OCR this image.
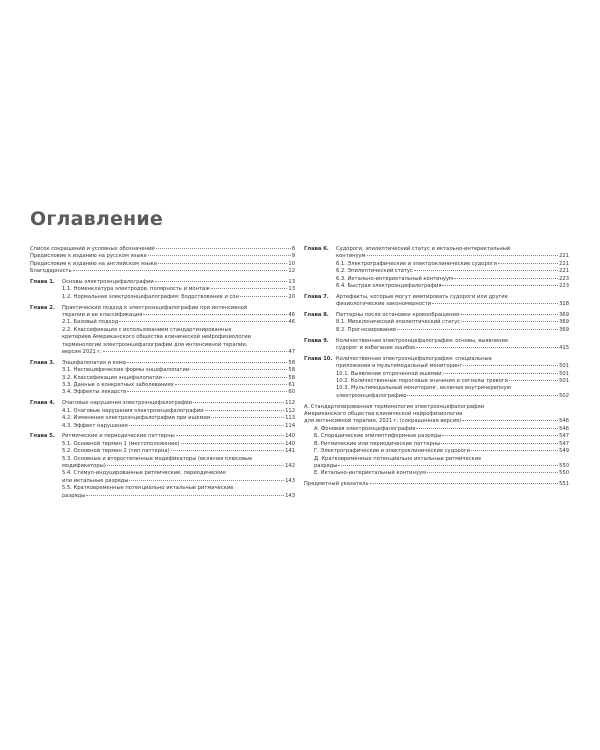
Оглавление
Список сокращений и условных обозначений	8
Предисловие к изданию на русском языке	9
Предисловие к изданию на английском языке	10
Благодарность	12
Глава 1. Основы электроэнцефалографии	13
1.1. Номенклатура электродов, полярность и монтаж	13
1.2. Нормальная электроэнцефалография: бодрствование и сон	20
Глава 2. Практический подход к электроэнцефалографии при интенсивной
терапии и ее классификация	46
2.1. Базовый подход	46
2.2. Классификация с использованием стандартизированных
критериев Американского общества клинической нейрофизиологии
терминологии электроэнцефалографии для интенсивной терапии,
версия 2021 г.	47
Глава 3. Энцефалопатия и кома	58
3.1. Неспецифические формы энцефалопатии	58
3.2. Классификация энцефалопатии	58
3.3. Данные о конкретных заболеваниях	61
3.4. Эффекты лекарств	60
Глава 4. Очаговые нарушения электроэнцефалографии	112
4.1. Очаговые нарушения электроэнцефалографии	112
4.2. Изменения электроэнцефалографии при ишемии	113
4.3. Эффект нарушения	114
Глава 5. Ритмические и периодические паттерны	140
5.1. Основной термин 1 (местоположение)	140
5.2. Основной термин 2 (тип паттерна)	141
5.3. Основные и второстепенные модификаторы (включая плюсовые
модификаторы)	142
5.4. Стимул-индуцированные ритмические, периодические
или иктальные разряды	143
5.5. Кратковременные потенциально иктальные ритмические
разряды	143
Глава 6. Судороги, эпилептический статус и иктально-интериктальный
континуум	221
6.1. Электрографические и электроклинические судороги	221
6.2. Эпилептический статус	221
6.3. Иктально-интериктальный континуум	223
6.4. Быстрая электроэнцефалография	223
Глава 7. Артефакты, которые могут имитировать судороги или другие
физиологические закономерности	318
Глава 8. Паттерны после остановки кровообращения	369
8.1. Миоклонический эпилептический статус	369
8.2. Прогнозирование	369
Глава 9. Количественная электроэнцефалография: основы, выявление
судорог и избегание ошибок	415
Глава 10. Количественная электроэнцефалография: специальные
приложения и мультимодальный мониторинг	501
10.1. Выявление отсроченной ишемии	501
10.2. Количественные пороговые значения и сигналы тревоги	501
10.3. Мультимодальный мониторинг, включая внутричерепную
электроэнцефалографию	502
A. Стандартизированная терминология электроэнцефалографии
Американского общества клинической нейрофизиологии
для интенсивной терапии, 2021 г. (сокращенная версия)	546
А. Фоновая электроэнцефалография	546
Б. Спорадические эпилептиформные разряды	547
В. Ритмические или периодические паттерны	547
Г. Электрографические и электроклинические судороги	549
Д. Кратковременные потенциально иктальные ритмические
разряды	550
Е. Иктально-интериктальный континуум	550
Предметный указатель	551
